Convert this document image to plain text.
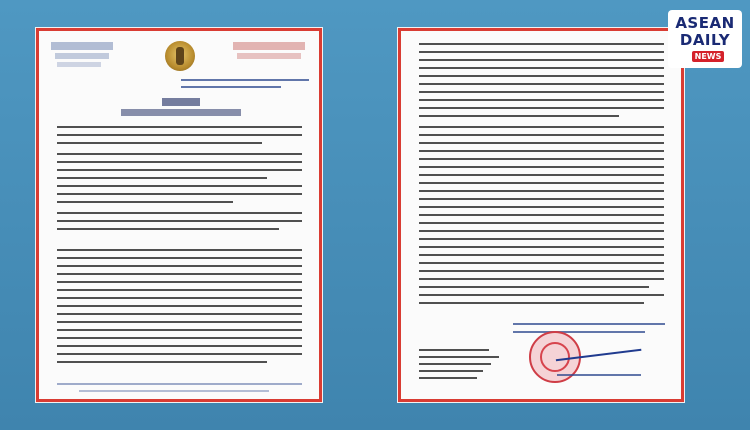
ASEAN
DAILY
NEWS
